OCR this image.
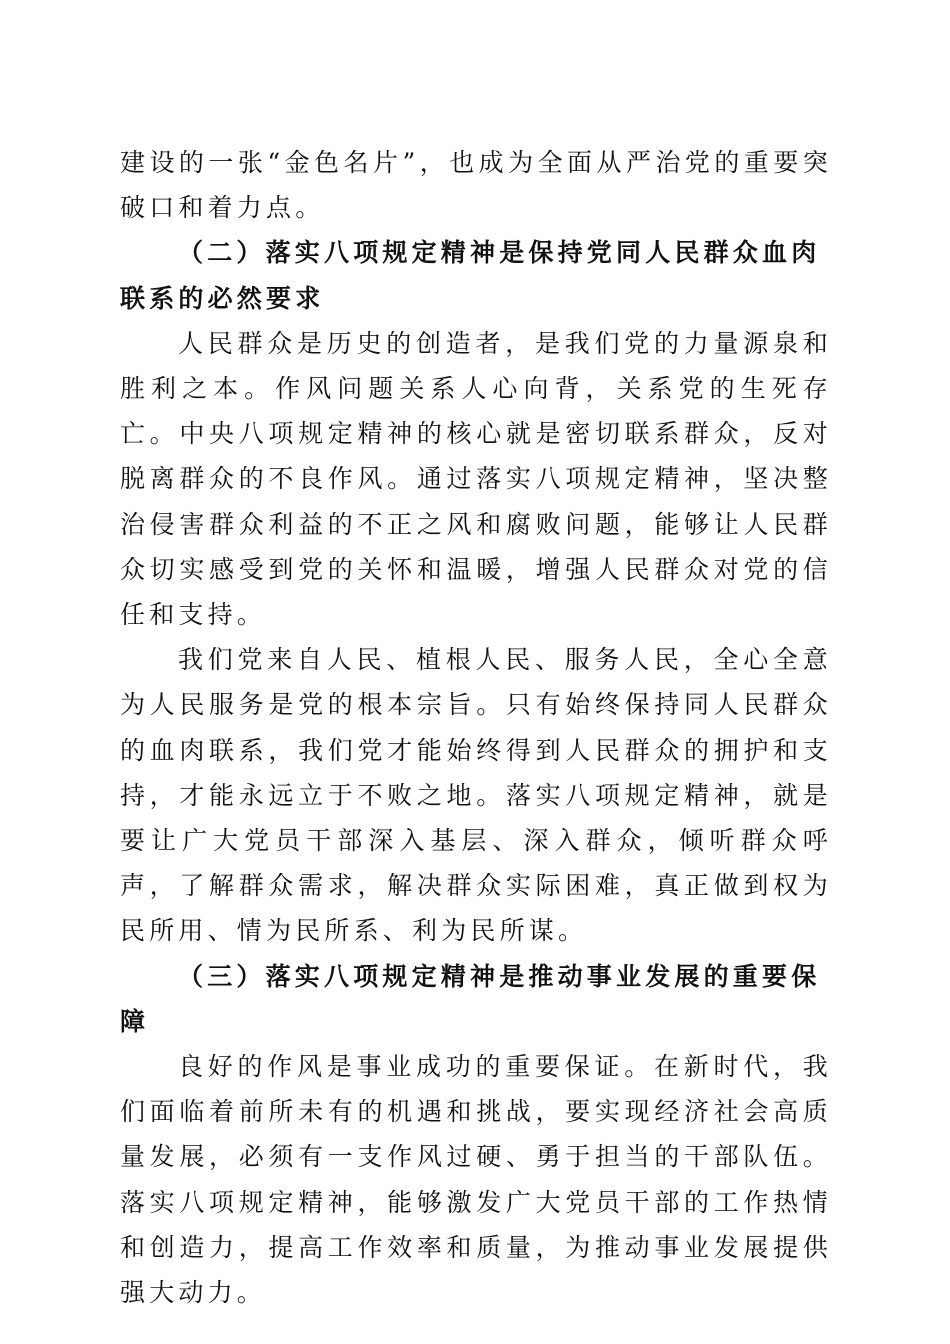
建设的一张“金色名片”，也成为全面从严治党的重要突破口和着力点。

（二）落实八项规定精神是保持党同人民群众血肉联系的必然要求

人民群众是历史的创造者，是我们党的力量源泉和胜利之本。作风问题关系人心向背，关系党的生死存亡。中央八项规定精神的核心就是密切联系群众，反对脱离群众的不良作风。通过落实八项规定精神，坚决整治侵害群众利益的不正之风和腐败问题，能够让人民群众切实感受到党的关怀和温暖，增强人民群众对党的信任和支持。

我们党来自人民、植根人民、服务人民，全心全意为人民服务是党的根本宗旨。只有始终保持同人民群众的血肉联系，我们党才能始终得到人民群众的拥护和支持，才能永远立于不败之地。落实八项规定精神，就是要让广大党员干部深入基层、深入群众，倾听群众呼声，了解群众需求，解决群众实际困难，真正做到权为民所用、情为民所系、利为民所谋。

（三）落实八项规定精神是推动事业发展的重要保障

良好的作风是事业成功的重要保证。在新时代，我们面临着前所未有的机遇和挑战，要实现经济社会高质量发展，必须有一支作风过硬、勇于担当的干部队伍。落实八项规定精神，能够激发广大党员干部的工作热情和创造力，提高工作效率和质量，为推动事业发展提供强大动力。
